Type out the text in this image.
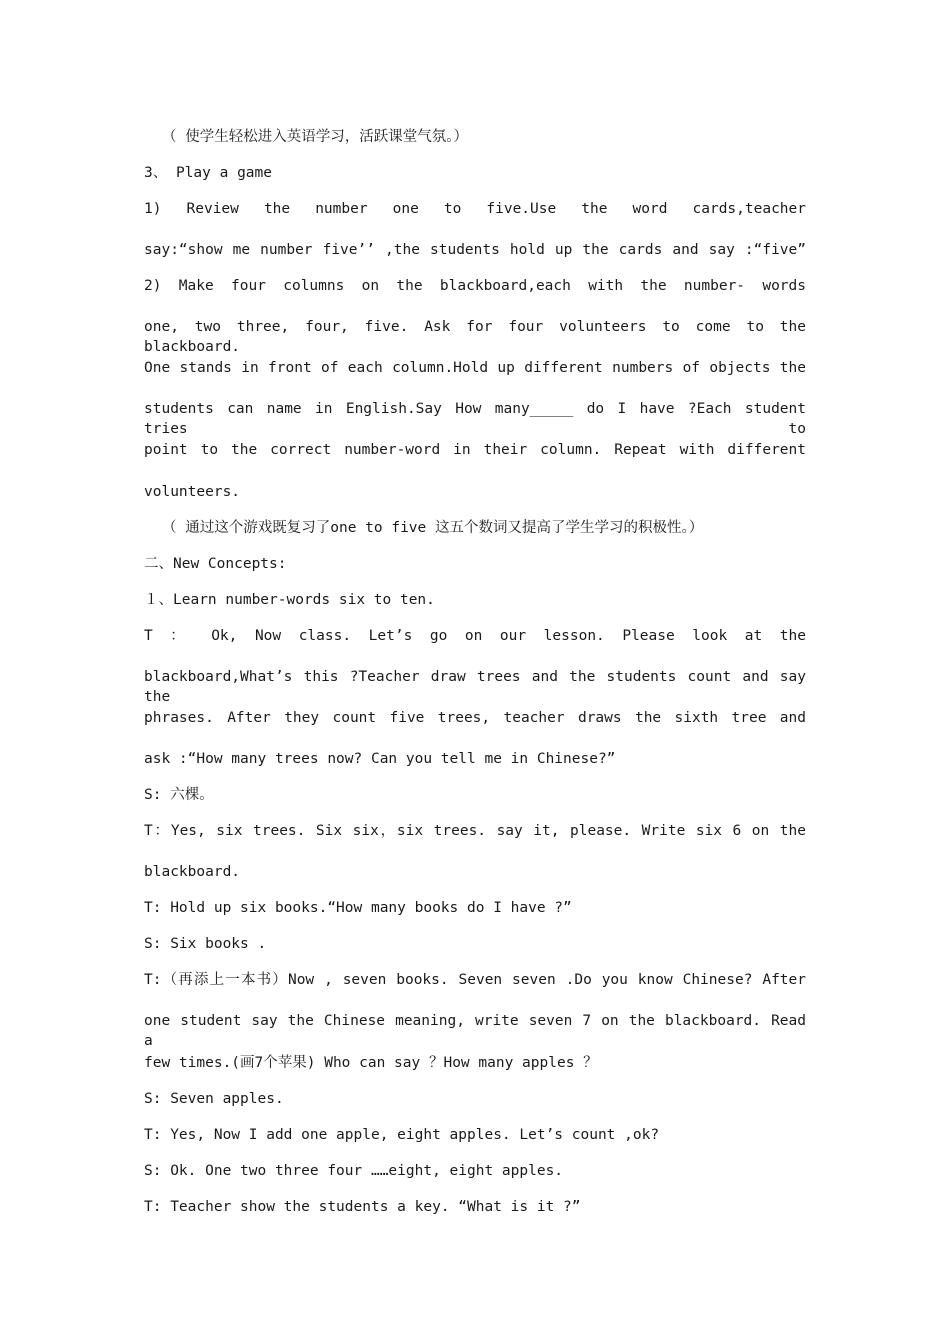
（ 使学生轻松进入英语学习，活跃课堂气氛。）
3、 Play a game
1) Review the number one to five.Use the word cards,teacher
say:“show me number five’’ ,the students hold up the cards and say :“five”
2) Make four columns on the blackboard,each with the number- words
one, two three, four, five. Ask for four volunteers to come to the blackboard.
One stands in front of each column.Hold up different numbers of objects the
students can name in English.Say How many_____ do I have ?Each student tries to
point to the correct number-word in their column. Repeat with different
volunteers.
（ 通过这个游戏既复习了one to five 这五个数词又提高了学生学习的积极性。）
二、New Concepts:
１、Learn number-words six to ten.
T ： Ok, Now class. Let’s go on our lesson. Please look at the
blackboard,What’s this ?Teacher draw trees and the students count and say the
phrases. After they count five trees, teacher draws the sixth tree and
ask :“How many trees now? Can you tell me in Chinese?”
S: 六棵。
T：Yes, six trees. Six six，six trees. say it, please. Write six 6 on the
blackboard.
T: Hold up six books.“How many books do I have ?”
S: Six books .
T:（再添上一本书）Now , seven books. Seven seven .Do you know Chinese? After
one student say the Chinese meaning, write seven 7 on the blackboard. Read a
few times.(画7个苹果) Who can say ？How many apples ？
S: Seven apples.
T: Yes, Now I add one apple, eight apples. Let’s count ,ok?
S: Ok. One two three four ……eight, eight apples.
T: Teacher show the students a key. “What is it ?”
